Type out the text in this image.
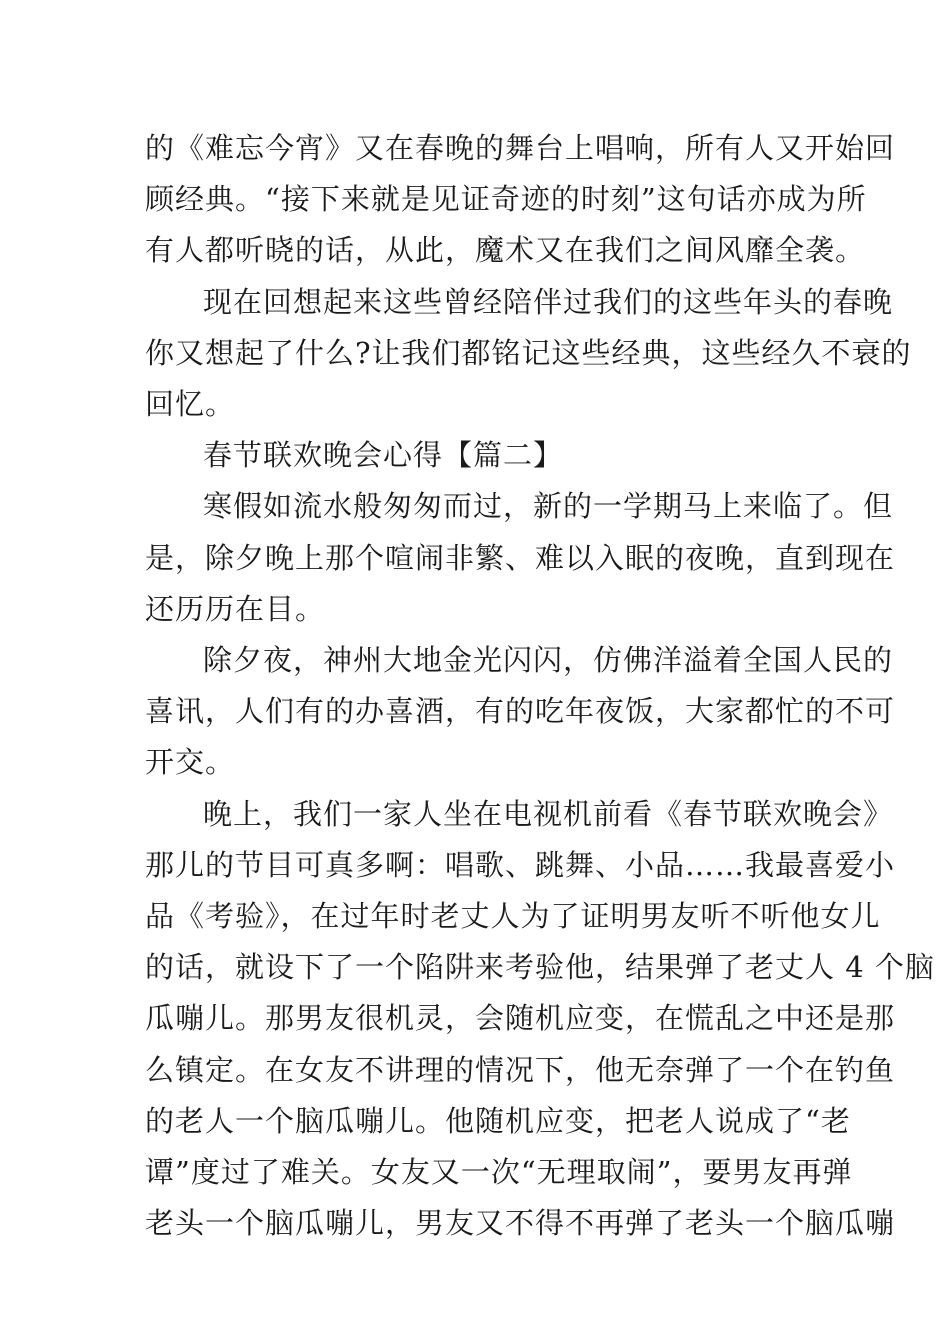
的《难忘今宵》又在春晚的舞台上唱响，所有人又开始回
顾经典。“接下来就是见证奇迹的时刻”这句话亦成为所
有人都听晓的话，从此，魔术又在我们之间风靡全袭。
现在回想起来这些曾经陪伴过我们的这些年头的春晚
你又想起了什么?让我们都铭记这些经典，这些经久不衰的
回忆。
春节联欢晚会心得【篇二】
寒假如流水般匆匆而过，新的一学期马上来临了。但
是，除夕晚上那个喧闹非繁、难以入眠的夜晚，直到现在
还历历在目。
除夕夜，神州大地金光闪闪，仿佛洋溢着全国人民的
喜讯，人们有的办喜酒，有的吃年夜饭，大家都忙的不可
开交。
晚上，我们一家人坐在电视机前看《春节联欢晚会》
那儿的节目可真多啊：唱歌、跳舞、小品……我最喜爱小
品《考验》，在过年时老丈人为了证明男友听不听他女儿
的话，就设下了一个陷阱来考验他，结果弹了老丈人 4 个脑
瓜嘣儿。那男友很机灵，会随机应变，在慌乱之中还是那
么镇定。在女友不讲理的情况下，他无奈弹了一个在钓鱼
的老人一个脑瓜嘣儿。他随机应变，把老人说成了“老
谭”度过了难关。女友又一次“无理取闹”，要男友再弹
老头一个脑瓜嘣儿，男友又不得不再弹了老头一个脑瓜嘣
